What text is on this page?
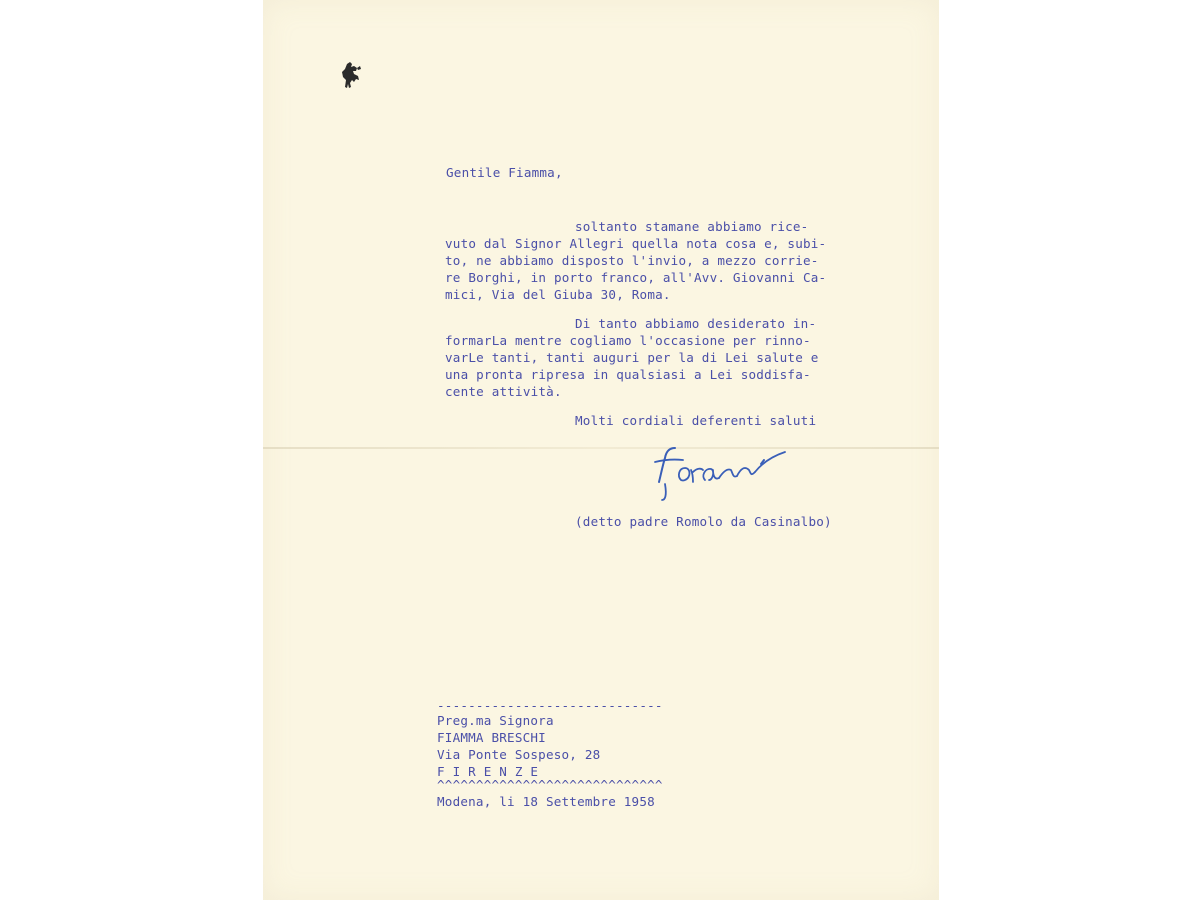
Gentile Fiamma,
soltanto stamane abbiamo rice-
vuto dal Signor Allegri quella nota cosa e, subi-
to, ne abbiamo disposto l'invio, a mezzo corrie-
re Borghi, in porto franco, all'Avv. Giovanni Ca-
mici, Via del Giuba 30, Roma.
Di tanto abbiamo desiderato in-
formarLa mentre cogliamo l'occasione per rinno-
varLe tanti, tanti auguri per la di Lei salute e
una pronta ripresa in qualsiasi a Lei soddisfa-
cente attività.
Molti cordiali deferenti saluti
(detto padre Romolo da Casinalbo)
-----------------------------
Preg.ma Signora
FIAMMA BRESCHI
Via Ponte Sospeso, 28
F I R E N Z E
^^^^^^^^^^^^^^^^^^^^^^^^^^^^^
Modena, li 18 Settembre 1958
